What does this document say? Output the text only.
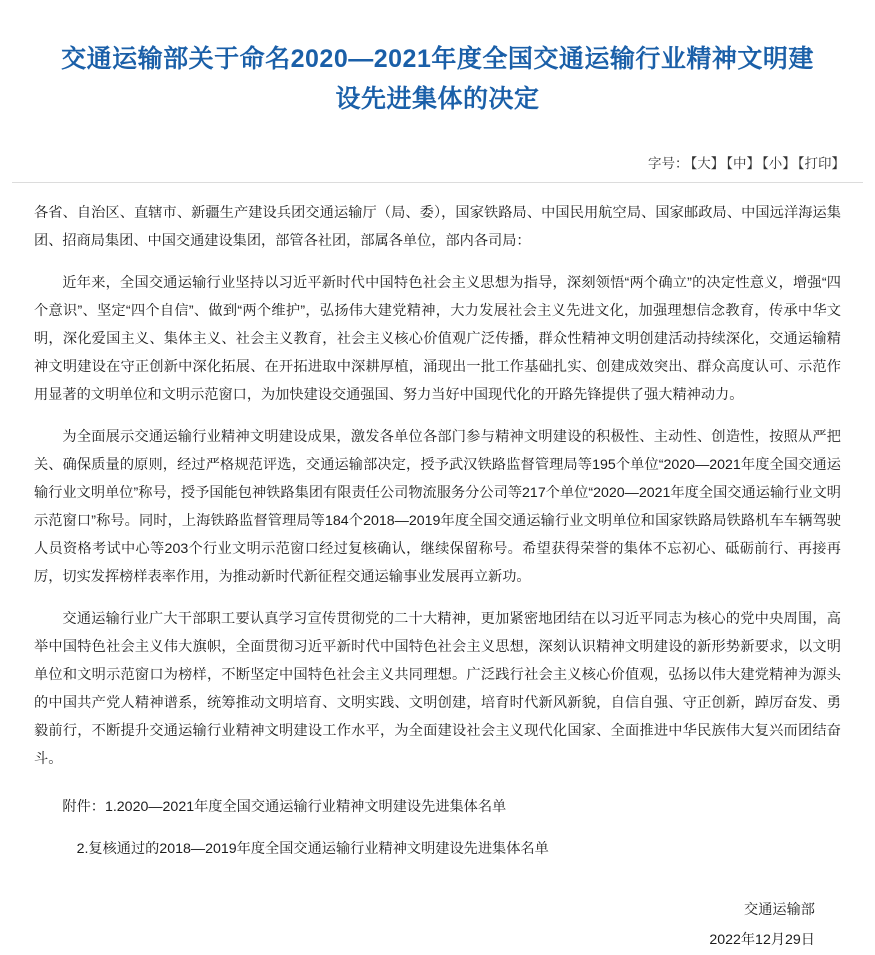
交通运输部关于命名2020—2021年度全国交通运输行业精神文明建设先进集体的决定
字号： 【大】 【中】 【小】 【打印】

各省、自治区、直辖市、新疆生产建设兵团交通运输厅（局、委），国家铁路局、中国民用航空局、国家邮政局、中国远洋海运集团、招商局集团、中国交通建设集团，部管各社团，部属各单位，部内各司局：

近年来，全国交通运输行业坚持以习近平新时代中国特色社会主义思想为指导，深刻领悟“两个确立”的决定性意义，增强“四个意识”、坚定“四个自信”、做到“两个维护”，弘扬伟大建党精神，大力发展社会主义先进文化，加强理想信念教育，传承中华文明，深化爱国主义、集体主义、社会主义教育，社会主义核心价值观广泛传播，群众性精神文明创建活动持续深化，交通运输精神文明建设在守正创新中深化拓展、在开拓进取中深耕厚植，涌现出一批工作基础扎实、创建成效突出、群众高度认可、示范作用显著的文明单位和文明示范窗口，为加快建设交通强国、努力当好中国现代化的开路先锋提供了强大精神动力。

为全面展示交通运输行业精神文明建设成果，激发各单位各部门参与精神文明建设的积极性、主动性、创造性，按照从严把关、确保质量的原则，经过严格规范评选，交通运输部决定，授予武汉铁路监督管理局等195个单位“2020—2021年度全国交通运输行业文明单位”称号，授予国能包神铁路集团有限责任公司物流服务分公司等217个单位“2020—2021年度全国交通运输行业文明示范窗口”称号。同时，上海铁路监督管理局等184个2018—2019年度全国交通运输行业文明单位和国家铁路局铁路机车车辆驾驶人员资格考试中心等203个行业文明示范窗口经过复核确认，继续保留称号。希望获得荣誉的集体不忘初心、砥砺前行、再接再厉，切实发挥榜样表率作用，为推动新时代新征程交通运输事业发展再立新功。

交通运输行业广大干部职工要认真学习宣传贯彻党的二十大精神，更加紧密地团结在以习近平同志为核心的党中央周围，高举中国特色社会主义伟大旗帜，全面贯彻习近平新时代中国特色社会主义思想，深刻认识精神文明建设的新形势新要求，以文明单位和文明示范窗口为榜样，不断坚定中国特色社会主义共同理想。广泛践行社会主义核心价值观，弘扬以伟大建党精神为源头的中国共产党人精神谱系，统筹推动文明培育、文明实践、文明创建，培育时代新风新貌，自信自强、守正创新，踔厉奋发、勇毅前行，不断提升交通运输行业精神文明建设工作水平，为全面建设社会主义现代化国家、全面推进中华民族伟大复兴而团结奋斗。

附件：1.2020—2021年度全国交通运输行业精神文明建设先进集体名单

2.复核通过的2018—2019年度全国交通运输行业精神文明建设先进集体名单

交通运输部
2022年12月29日
